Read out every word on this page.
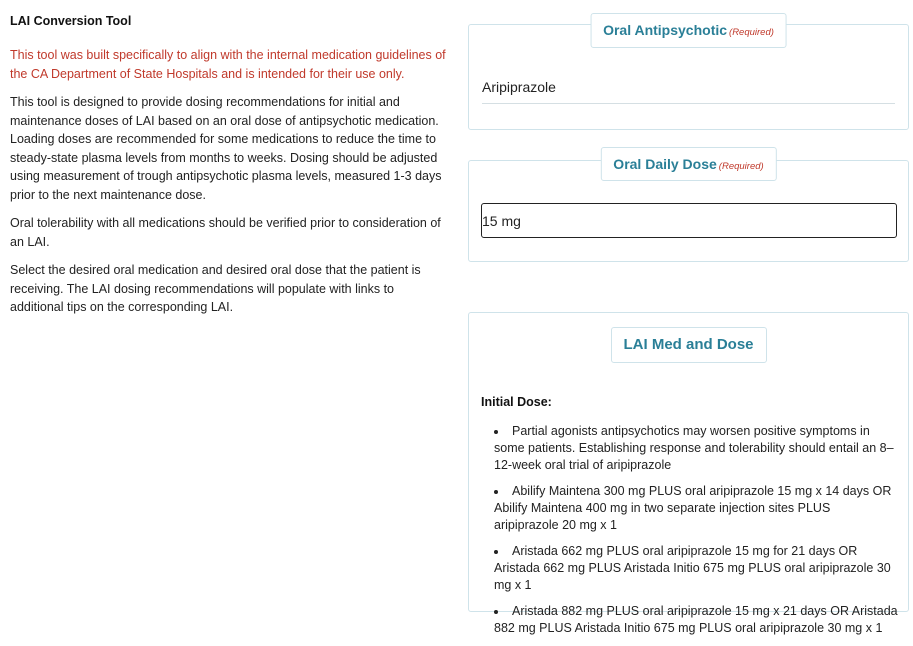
LAI Conversion Tool

This tool was built specifically to align with the internal medication guidelines of the CA Department of State Hospitals and is intended for their use only.

This tool is designed to provide dosing recommendations for initial and maintenance doses of LAI based on an oral dose of antipsychotic medication. Loading doses are recommended for some medications to reduce the time to steady-state plasma levels from months to weeks. Dosing should be adjusted using measurement of trough antipsychotic plasma levels, measured 1-3 days prior to the next maintenance dose.

Oral tolerability with all medications should be verified prior to consideration of an LAI.

Select the desired oral medication and desired oral dose that the patient is receiving. The LAI dosing recommendations will populate with links to additional tips on the corresponding LAI.

Oral Antipsychotic (Required)
Aripiprazole
Oral Daily Dose (Required)
15 mg
LAI Med and Dose
Initial Dose:
Partial agonists antipsychotics may worsen positive symptoms in some patients. Establishing response and tolerability should entail an 8–12-week oral trial of aripiprazole
Abilify Maintena 300 mg PLUS oral aripiprazole 15 mg x 14 days OR Abilify Maintena 400 mg in two separate injection sites PLUS aripiprazole 20 mg x 1
Aristada 662 mg PLUS oral aripiprazole 15 mg for 21 days OR Aristada 662 mg PLUS Aristada Initio 675 mg PLUS oral aripiprazole 30 mg x 1
Aristada 882 mg PLUS oral aripiprazole 15 mg x 21 days OR Aristada 882 mg PLUS Aristada Initio 675 mg PLUS oral aripiprazole 30 mg x 1
